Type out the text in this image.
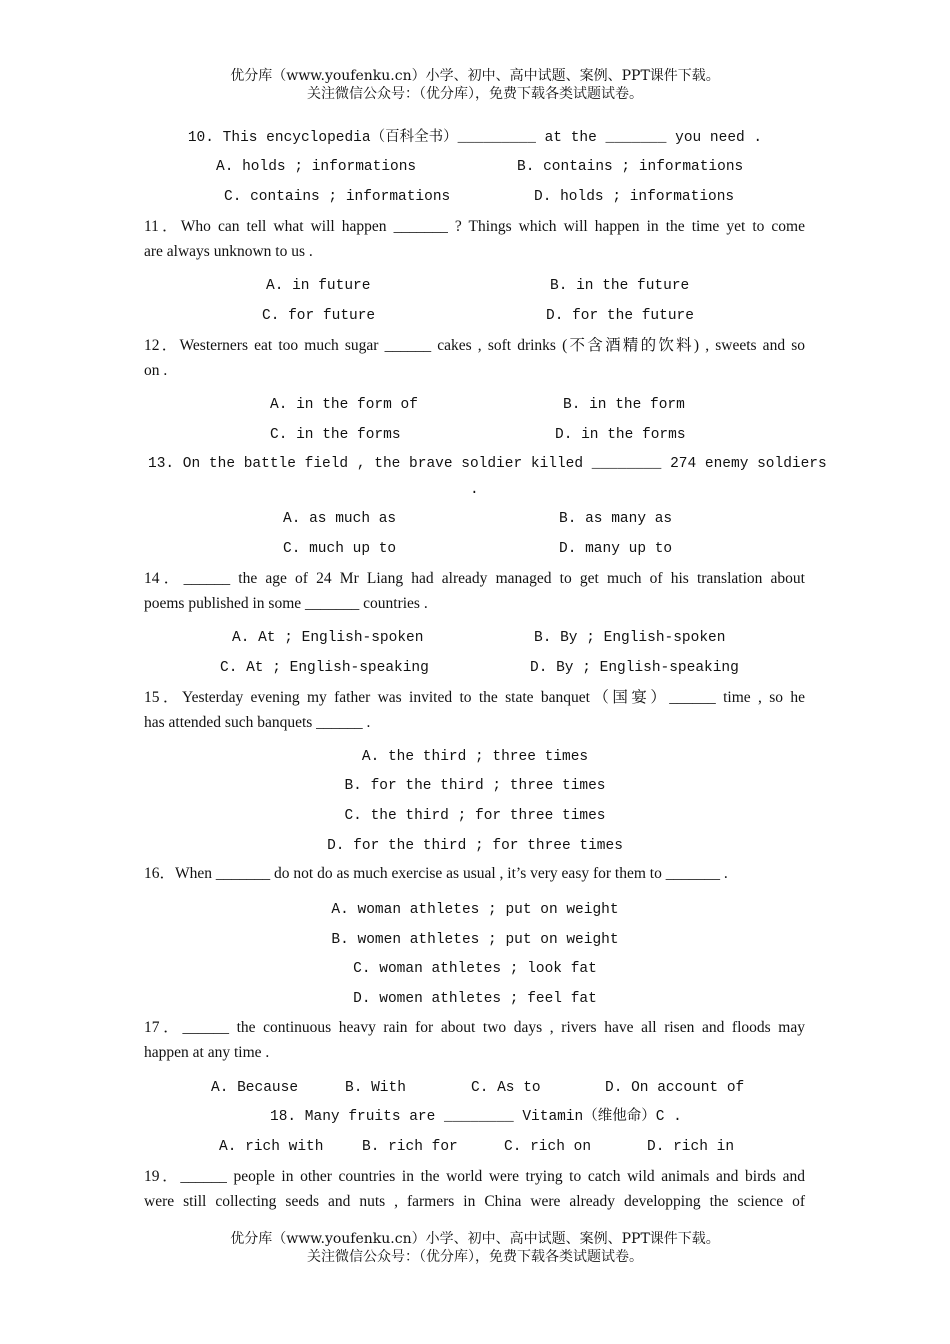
优分库（www.youfenku.cn）小学、初中、高中试题、案例、PPT课件下载。
关注微信公众号：（优分库），免费下载各类试题试卷。
10. This encyclopedia（百科全书）_________ at the _______ you need .
A. holds ; informations	B. contains ; informations
C. contains ; informations	D. holds ; informations
11．Who can tell what will happen _______ ? Things which will happen in the time yet to come
are always unknown to us .
A. in future	B. in the future
C. for future	D. for the future
12．Westerners eat too much sugar ______ cakes , soft drinks (不含酒精的饮料) , sweets and so
on .
A. in the form of	B. in the form
C. in the forms	D. in the forms
13. On the battle field , the brave soldier killed ________ 274 enemy soldiers
.
A. as much as	B. as many as
C. much up to	D. many up to
14．______ the age of 24 Mr Liang had already managed to get much of his translation about
poems published in some _______ countries .
A. At ; English-spoken	B. By ; English-spoken
C. At ; English-speaking	D. By ; English-speaking
15．Yesterday evening my father was invited to the state banquet（国宴）______ time , so he
has attended such banquets ______ .
A. the third ; three times
B. for the third ; three times
C. the third ; for three times
D. for the third ; for three times
16．When _______ do not do as much exercise as usual , it’s very easy for them to _______ .
A. woman athletes ; put on weight
B. women athletes ; put on weight
C. woman athletes ; look fat
D. women athletes ; feel fat
17．______ the continuous heavy rain for about two days , rivers have all risen and floods may
happen at any time .
A. Because	B. With	C. As to	D. On account of
18. Many fruits are ________ Vitamin（维他命）C .
A. rich with	B. rich for	C. rich on	D. rich in
19．______ people in other countries in the world were trying to catch wild animals and birds and
were still collecting seeds and nuts , farmers in China were already developping the science of
优分库（www.youfenku.cn）小学、初中、高中试题、案例、PPT课件下载。
关注微信公众号：（优分库），免费下载各类试题试卷。
